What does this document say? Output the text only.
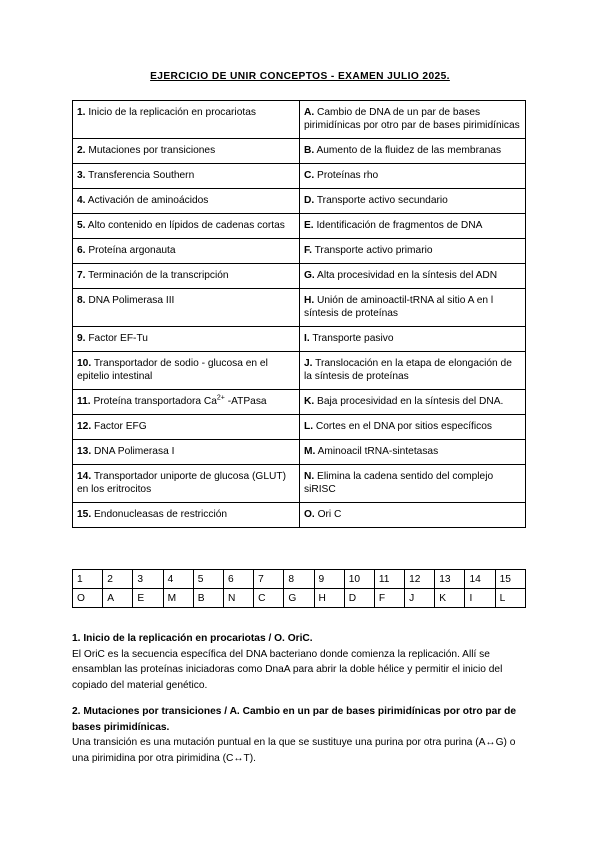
EJERCICIO DE UNIR CONCEPTOS - EXAMEN JULIO 2025.
1. Inicio de la replicación en procariotas	A. Cambio de DNA de un par de bases pirimidínicas por otro par de bases pirimidínicas
2. Mutaciones por transiciones	B. Aumento de la fluidez de las membranas
3. Transferencia Southern	C. Proteínas rho
4. Activación de aminoácidos	D. Transporte activo secundario
5. Alto contenido en lípidos de cadenas cortas	E. Identificación de fragmentos de DNA
6. Proteína argonauta	F. Transporte activo primario
7. Terminación de la transcripción	G. Alta procesividad en la síntesis del ADN
8. DNA Polimerasa III	H. Unión de aminoactil-tRNA al sitio A en l síntesis de proteínas
9. Factor EF-Tu	I. Transporte pasivo
10. Transportador de sodio - glucosa en el epitelio intestinal	J. Translocación en la etapa de elongación de la síntesis de proteínas
11. Proteína transportadora $Ca^{2+}$ -ATPasa	K. Baja procesividad en la síntesis del DNA.
12. Factor EFG	L. Cortes en el DNA por sitios específicos
13. DNA Polimerasa I	M. Aminoacil tRNA-sintetasas
14. Transportador uniporte de glucosa (GLUT) en los eritrocitos	N. Elimina la cadena sentido del complejo siRISC
15. Endonucleasas de restricción	O. Ori C
1	2	3	4	5	6	7	8	9	10	11	12	13	14	15
O	A	E	M	B	N	C	G	H	D	F	J	K	I	L
1. Inicio de la replicación en procariotas / O. OriC.
El OriC es la secuencia específica del DNA bacteriano donde comienza la replicación. Allí se ensamblan las proteínas iniciadoras como DnaA para abrir la doble hélice y permitir el inicio del copiado del material genético.
2. Mutaciones por transiciones / A. Cambio en un par de bases pirimidínicas por otro par de bases pirimidínicas.
Una transición es una mutación puntual en la que se sustituye una purina por otra purina (A↔G) o una pirimidina por otra pirimidina (C↔T).
